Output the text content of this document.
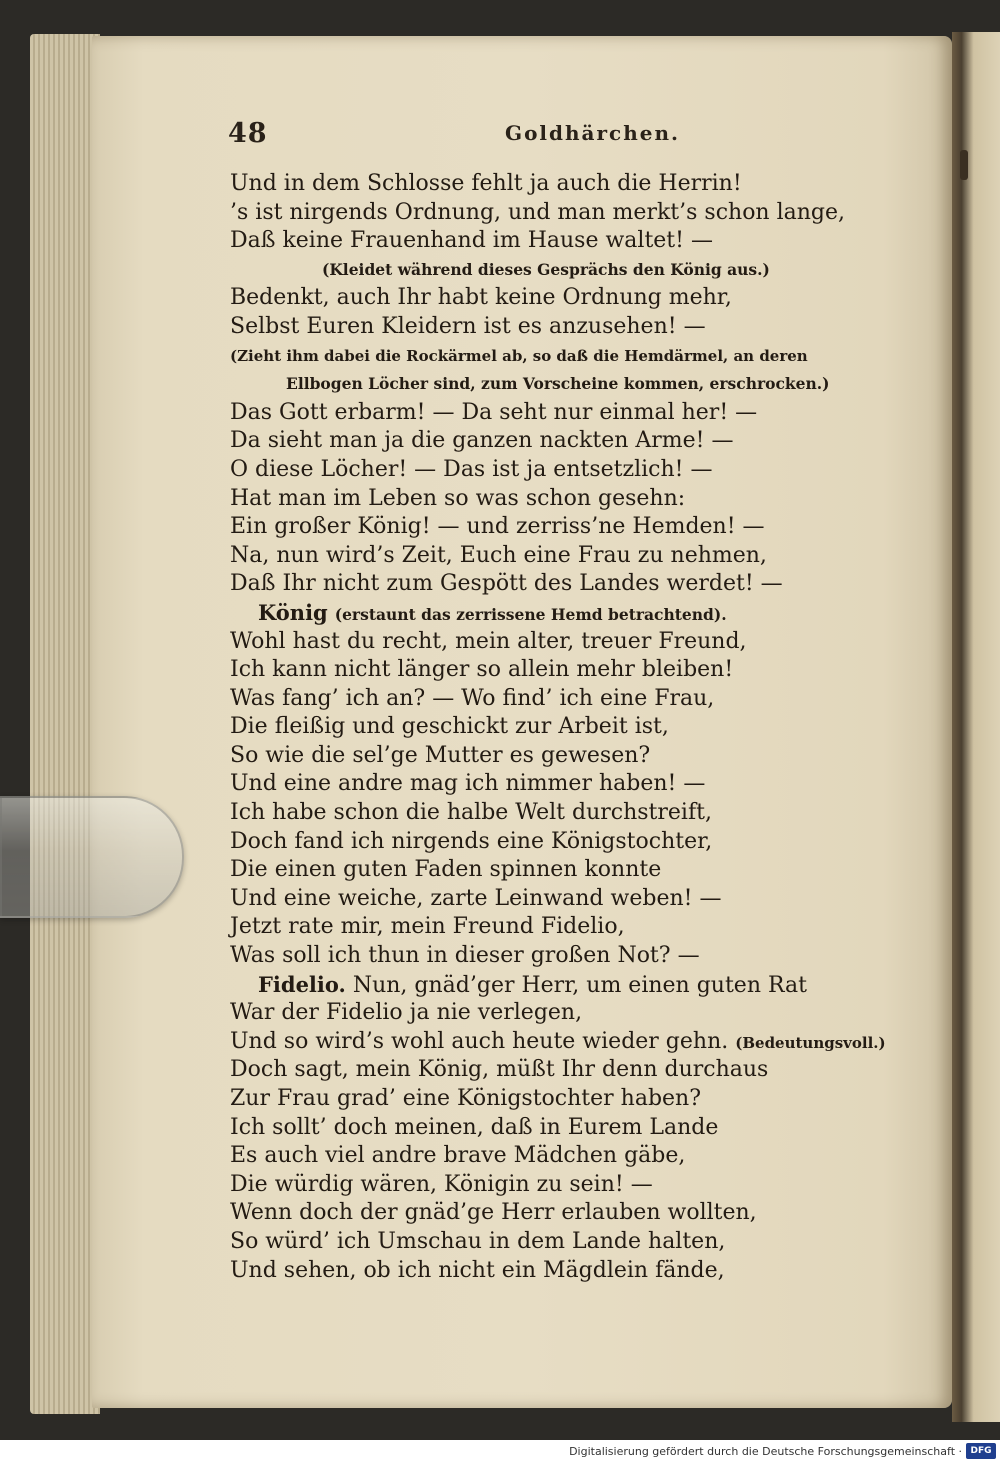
48	Goldhärchen.
Und in dem Schlosse fehlt ja auch die Herrin!
’s ist nirgends Ordnung, und man merkt’s schon lange,
Daß keine Frauenhand im Hause waltet! —
(Kleidet während dieses Gesprächs den König aus.)
Bedenkt, auch Ihr habt keine Ordnung mehr,
Selbst Euren Kleidern ist es anzusehen! —
(Zieht ihm dabei die Rockärmel ab, so daß die Hemdärmel, an deren
Ellbogen Löcher sind, zum Vorscheine kommen, erschrocken.)
Das Gott erbarm! — Da seht nur einmal her! —
Da sieht man ja die ganzen nackten Arme! —
O diese Löcher! — Das ist ja entsetzlich! —
Hat man im Leben so was schon gesehn:
Ein großer König! — und zerriss’ne Hemden! —
Na, nun wird’s Zeit, Euch eine Frau zu nehmen,
Daß Ihr nicht zum Gespött des Landes werdet! —
König (erstaunt das zerrissene Hemd betrachtend).
Wohl hast du recht, mein alter, treuer Freund,
Ich kann nicht länger so allein mehr bleiben!
Was fang’ ich an? — Wo find’ ich eine Frau,
Die fleißig und geschickt zur Arbeit ist,
So wie die sel’ge Mutter es gewesen?
Und eine andre mag ich nimmer haben! —
Ich habe schon die halbe Welt durchstreift,
Doch fand ich nirgends eine Königstochter,
Die einen guten Faden spinnen konnte
Und eine weiche, zarte Leinwand weben! —
Jetzt rate mir, mein Freund Fidelio,
Was soll ich thun in dieser großen Not? —
Fidelio. Nun, gnäd’ger Herr, um einen guten Rat
War der Fidelio ja nie verlegen,
Und so wird’s wohl auch heute wieder gehn. (Bedeutungsvoll.)
Doch sagt, mein König, müßt Ihr denn durchaus
Zur Frau grad’ eine Königstochter haben?
Ich sollt’ doch meinen, daß in Eurem Lande
Es auch viel andre brave Mädchen gäbe,
Die würdig wären, Königin zu sein! —
Wenn doch der gnäd’ge Herr erlauben wollten,
So würd’ ich Umschau in dem Lande halten,
Und sehen, ob ich nicht ein Mägdlein fände,
Digitalisierung gefördert durch die Deutsche Forschungsgemeinschaft · DFG
